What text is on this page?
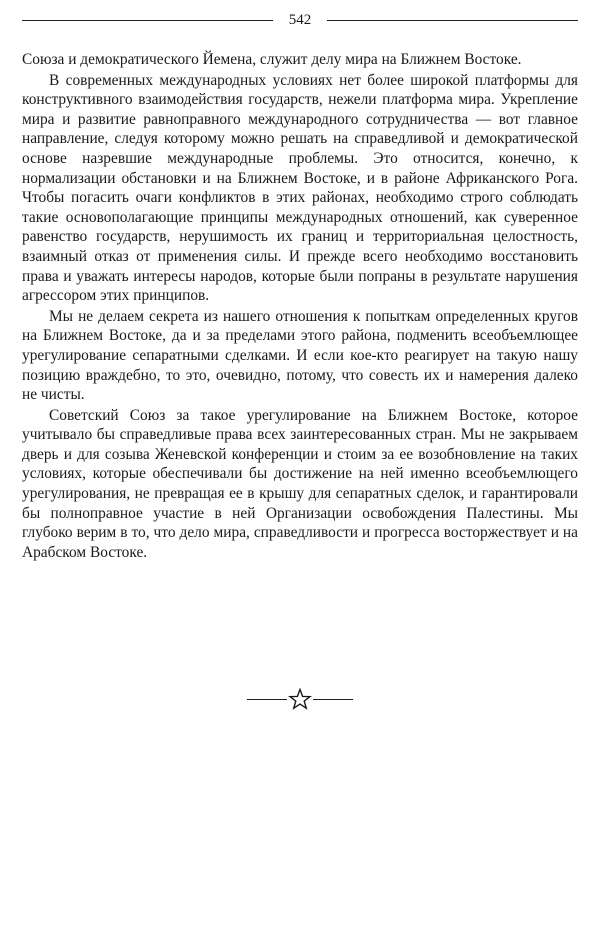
542

Союза и демократического Йемена, служит делу мира на Ближнем Востоке.

В современных международных условиях нет более широкой платформы для конструктивного взаимодействия государств, нежели платформа мира. Укрепление мира и развитие равноправного международного сотрудничества — вот главное направление, следуя которому можно решать на справедливой и демократической основе назревшие международные проблемы. Это относится, конечно, к нормализации обстановки и на Ближнем Востоке, и в районе Африканского Рога. Чтобы погасить очаги конфликтов в этих районах, необходимо строго соблюдать такие основополагающие принципы международных отношений, как суверенное равенство государств, нерушимость их границ и территориальная целостность, взаимный отказ от применения силы. И прежде всего необходимо восстановить права и уважать интересы народов, которые были попраны в результате нарушения агрессором этих принципов.

Мы не делаем секрета из нашего отношения к попыткам определенных кругов на Ближнем Востоке, да и за пределами этого района, подменить всеобъемлющее урегулирование сепаратными сделками. И если кое-кто реагирует на такую нашу позицию враждебно, то это, очевидно, потому, что совесть их и намерения далеко не чисты.

Советский Союз за такое урегулирование на Ближнем Востоке, которое учитывало бы справедливые права всех заинтересованных стран. Мы не закрываем дверь и для созыва Женевской конференции и стоим за ее возобновление на таких условиях, которые обеспечивали бы достижение на ней именно всеобъемлющего урегулирования, не превращая ее в крышу для сепаратных сделок, и гарантировали бы полноправное участие в ней Организации освобождения Палестины. Мы глубоко верим в то, что дело мира, справедливости и прогресса восторжествует и на Арабском Востоке.
